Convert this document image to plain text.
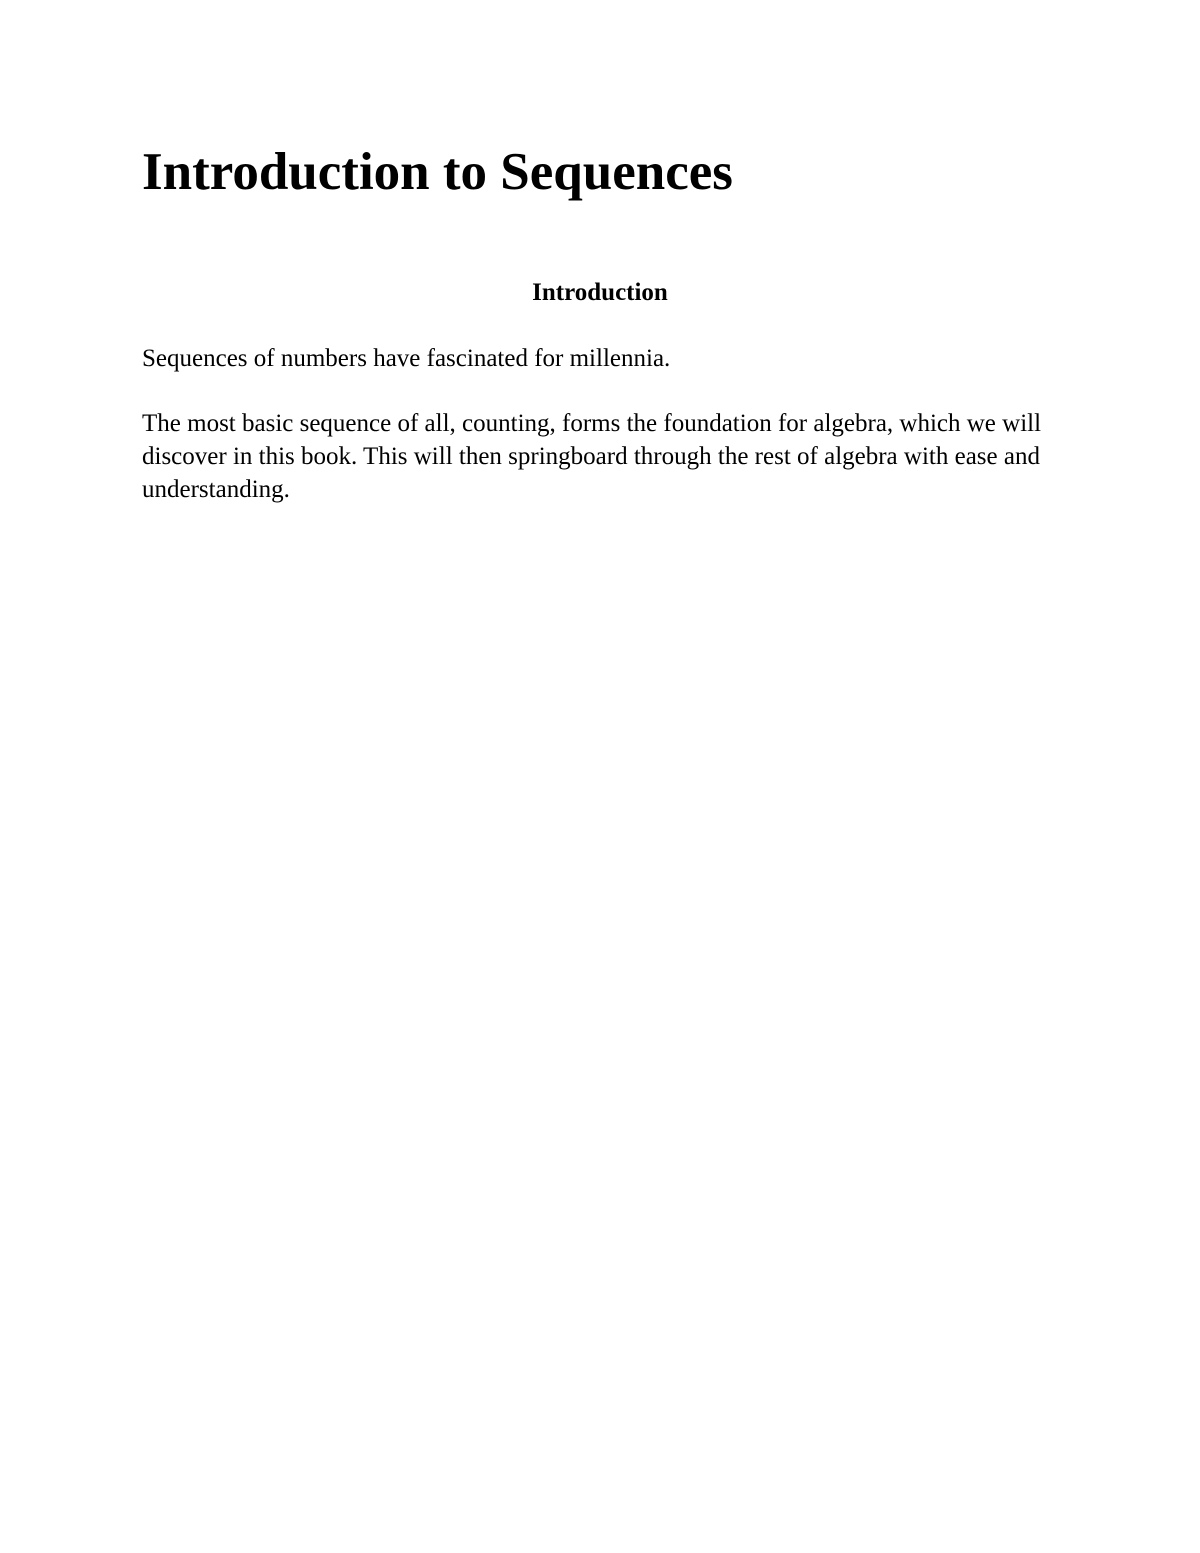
Introduction to Sequences
Introduction

Sequences of numbers have fascinated for millennia.

The most basic sequence of all, counting, forms the foundation for algebra, which we will discover in this book. This will then springboard through the rest of algebra with ease and understanding.
